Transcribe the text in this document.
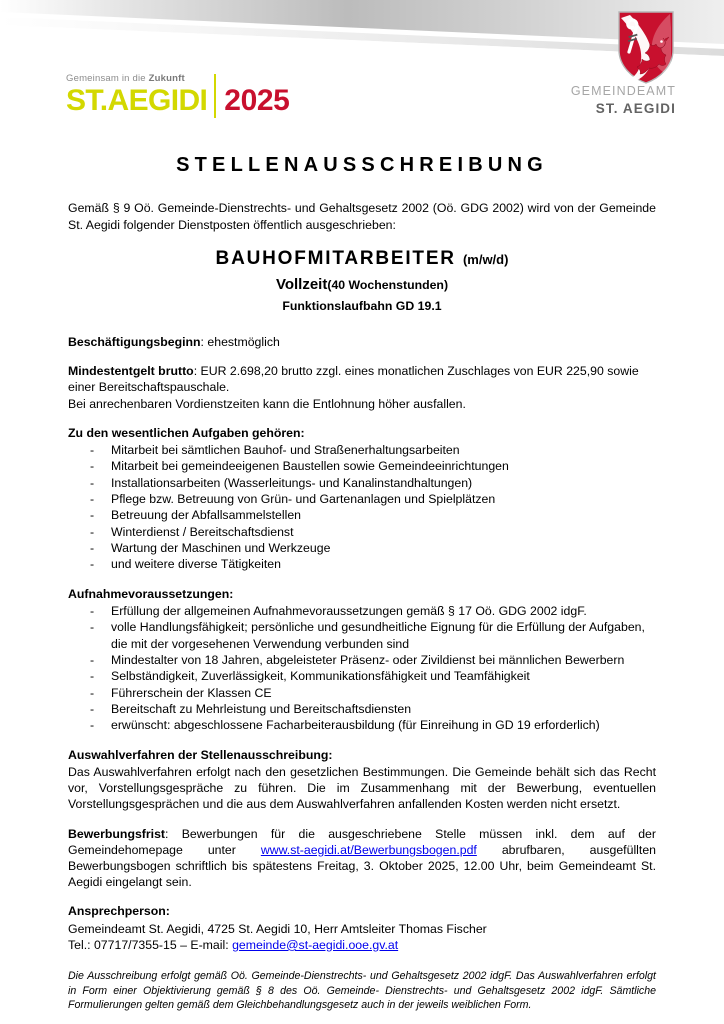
GEMEINDEAMT
ST. AEGIDI
Gemeinsam in die Zukunft
ST.AEGIDI 2025
STELLENAUSSCHREIBUNG
Gemäß § 9 Oö. Gemeinde-Dienstrechts- und Gehaltsgesetz 2002 (Oö. GDG 2002) wird von der Gemeinde St. Aegidi folgender Dienstposten öffentlich ausgeschrieben:
BAUHOFMITARBEITER (m/w/d)
Vollzeit(40 Wochenstunden)
Funktionslaufbahn GD 19.1
Beschäftigungsbeginn: ehestmöglich
Mindestentgelt brutto: EUR 2.698,20 brutto zzgl. eines monatlichen Zuschlages von EUR 225,90 sowie einer Bereitschaftspauschale.
Bei anrechenbaren Vordienstzeiten kann die Entlohnung höher ausfallen.
Zu den wesentlichen Aufgaben gehören:
- Mitarbeit bei sämtlichen Bauhof- und Straßenerhaltungsarbeiten
- Mitarbeit bei gemeindeeigenen Baustellen sowie Gemeindeeinrichtungen
- Installationsarbeiten (Wasserleitungs- und Kanalinstandhaltungen)
- Pflege bzw. Betreuung von Grün- und Gartenanlagen und Spielplätzen
- Betreuung der Abfallsammelstellen
- Winterdienst / Bereitschaftsdienst
- Wartung der Maschinen und Werkzeuge
- und weitere diverse Tätigkeiten
Aufnahmevoraussetzungen:
- Erfüllung der allgemeinen Aufnahmevoraussetzungen gemäß § 17 Oö. GDG 2002 idgF.
- volle Handlungsfähigkeit; persönliche und gesundheitliche Eignung für die Erfüllung der Aufgaben, die mit der vorgesehenen Verwendung verbunden sind
- Mindestalter von 18 Jahren, abgeleisteter Präsenz- oder Zivildienst bei männlichen Bewerbern
- Selbständigkeit, Zuverlässigkeit, Kommunikationsfähigkeit und Teamfähigkeit
- Führerschein der Klassen CE
- Bereitschaft zu Mehrleistung und Bereitschaftsdiensten
- erwünscht: abgeschlossene Facharbeiterausbildung (für Einreihung in GD 19 erforderlich)
Auswahlverfahren der Stellenausschreibung:
Das Auswahlverfahren erfolgt nach den gesetzlichen Bestimmungen. Die Gemeinde behält sich das Recht vor, Vorstellungsgespräche zu führen. Die im Zusammenhang mit der Bewerbung, eventuellen Vorstellungsgesprächen und die aus dem Auswahlverfahren anfallenden Kosten werden nicht ersetzt.
Bewerbungsfrist: Bewerbungen für die ausgeschriebene Stelle müssen inkl. dem auf der Gemeindehomepage unter www.st-aegidi.at/Bewerbungsbogen.pdf abrufbaren, ausgefüllten Bewerbungsbogen schriftlich bis spätestens Freitag, 3. Oktober 2025, 12.00 Uhr, beim Gemeindeamt St. Aegidi eingelangt sein.
Ansprechperson:
Gemeindeamt St. Aegidi, 4725 St. Aegidi 10, Herr Amtsleiter Thomas Fischer
Tel.: 07717/7355-15 – E-mail: gemeinde@st-aegidi.ooe.gv.at
Die Ausschreibung erfolgt gemäß Oö. Gemeinde-Dienstrechts- und Gehaltsgesetz 2002 idgF. Das Auswahlverfahren erfolgt in Form einer Objektivierung gemäß § 8 des Oö. Gemeinde- Dienstrechts- und Gehaltsgesetz 2002 idgF. Sämtliche Formulierungen gelten gemäß dem Gleichbehandlungsgesetz auch in der jeweils weiblichen Form.
